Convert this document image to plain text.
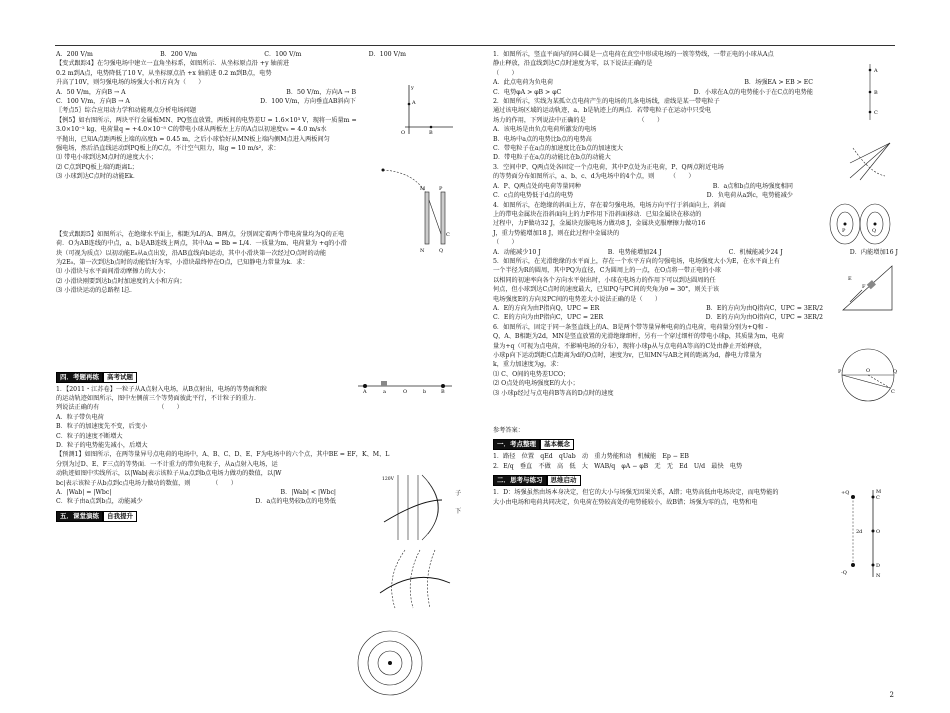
A．200 V/m	B．200 V/m	C．100 V/m	D．100 V/m

【变式跟踪4】在匀强电场中建立一直角坐标系，如图所示．从坐标原点沿 +y 轴前进

0.2 m到A点，电势降低了10 V，从坐标原点沿 +x 轴前进 0.2 m到B点，电势

升高了10V，则匀强电场的场强大小和方向为（　　）

A．50 V/m，方向B → A	B．50 V/m，方向A → B
C．100 V/m，方向B → A	D．100 V/m，方向垂直AB斜向下

〖考点5〗综合应用动力学和动能观点分析电场问题

【例5】如右图所示，两块平行金属板MN、PQ竖直放置，两板间的电势差U = 1.6×10³ V，现将一质量m =

3.0×10⁻² kg、电荷量q = +4.0×10⁻⁵ C的带电小球从两板左上方的A点以初速度v₀ = 4.0 m/s水

平抛出，已知A点距两板上端的高度h = 0.45 m，之后小球恰好从MN板上端内侧M点进入两板间匀

强电场，然后沿直线运动到PQ板上的C点，不计空气阻力，取g = 10 m/s²，求：

⑴ 带电小球到达M点时的速度大小；

⑵ C点到PQ板上端的距离L；

⑶ 小球到达C点时的动能Ek．

【变式跟踪5】如图所示，在绝缘水平面上，相距为L的A、B两点，分别固定着两个带电荷量均为Q的正电

荷．O为AB连线的中点，a、b是AB连线上两点，其中Aa = Bb = L/4．一质量为m、电荷量为 +q的小滑

块（可视为质点）以初动能E₀从a点出发，沿AB直线向b运动，其中小滑块第一次经过O点时的动能

为2E₀，第一次到达b点时的动能恰好为零，小滑块最终停在O点，已知静电力常量为k．求：

⑴ 小滑块与水平面间滑动摩擦力的大小；

⑵ 小滑块刚要到达b点时加速度的大小和方向；

⑶ 小滑块运动的总路程 l总．

四．考题再练 高考试题

1．【2011・江苏卷】一粒子从A点射入电场，从B点射出，电场的等势面和粒

的运动轨迹如图所示，图中左侧前三个等势面彼此平行，不计粒子的重力．

列说法正确的有　　　　　　　　　　（　　）

A．粒子带负电荷

B．粒子的加速度先不变，后变小

C．粒子的速度不断增大

D．粒子的电势能先减小，后增大

【预测1】如图所示，在两等量异号点电荷的电场中，A、B、C、D、E、F为电场中的六个点，其中BE = EF，K、M、L

分别为过D、E、F三点的等势面．一不计重力的带负电粒子，从a点射入电场，运

动轨迹如图中实线所示，以|Wab|表示该粒子从a点到b点电场力做功的数值，以|W

bc|表示该粒子从b点到c点电场力做功的数值，则　　　　（　　）

A．|Wab| = |Wbc|	B．|Wab| < |Wbc|
C．粒子由a点到b点，动能减少	D．a点的电势较b点的电势低
五．课堂演练 自我提升
子
下
A
B
O
y
M	P
N	Q
C
A	a	O	b	B
120V

1．如图所示，竖直平面内的同心圆是一点电荷在真空中形成电场的一簇等势线，一带正电的小球从A点

静止释放，沿直线到达C点时速度为零，以下说法正确的是

（　　）

A．此点电荷为负电荷	B．场强EA > EB > EC
C．电势φA > φB > φC	D．小球在A点的电势能小于在C点的电势能

2．如图所示，实线为某孤立点电荷产生的电场的几条电场线，虚线是某一带电粒子

通过该电场区域的运动轨迹，a、b是轨迹上的两点．若带电粒子在运动中只受电

场力的作用，下列说法中正确的是　　　　　　　　　（　　）

A．该电场是由负点电荷所激发的电场

B．电场中a点的电势比b点的电势高

C．带电粒子在a点的加速度比在b点的加速度大

D．带电粒子在a点的动能比在b点的动能大

3．空间中P、Q两点处各固定一个点电荷，其中P点处为正电荷，P、Q两点附近电场

的等势面分布如图所示，a、b、c、d为电场中的4个点，则　　　（　　）

A．P、Q两点处的电荷等量同种	B．a点和b点的电场强度相同
C．c点的电势低于d点的电势	D．负电荷从a到c，电势能减少

4．如图所示，在绝缘的斜面上方，存在着匀强电场，电场方向平行于斜面向上，斜面

上的带电金属块在沿斜面向上的力F作用下沿斜面移动．已知金属块在移动的

过程中，力F做功32 J，金属块克服电场力做功8 J，金属块克服摩擦力做功16

J，重力势能增加18 J，则在此过程中金属块的

（　　）

A．动能减少10 J	B．电势能增加24 J	C．机械能减少24 J	D．内能增加16 J

5．如图所示，在光滑绝缘的水平面上，存在一个水平方向的匀强电场，电场强度大小为E，在水平面上有

一个半径为R的圆周，其中PQ为直径，C为圆周上的一点，在O点将一带正电的小球

以相同的初速率向各个方向水平射出时，小球在电场力的作用下可以到达圆周的任

何点，但小球到达C点时的速度最大，已知PQ与PC间的夹角为θ = 30°，则关于该

电场强度E的方向及PC间的电势差大小说法正确的是（　　）

A．E的方向为由P指向Q，UPC = ER	B．E的方向为由Q指向C，UPC = 3ER/2
C．E的方向为由P指向C，UPC = 2ER	D．E的方向为由O指向C，UPC = 3ER/2

6．如图所示，固定于同一条竖直线上的A、B是两个带等量异种电荷的点电荷，电荷量分别为+Q和 -

Q，A、B相距为2d，MN是竖直放置的光滑绝缘细杆，另有一个穿过细杆的带电小球p，其质量为m，电荷

量为+q（可视为点电荷，不影响电场的分布），现将小球p从与点电荷A等高的C处由静止开始释放，

小球p向下运动到距C点距离为d的O点时，速度为v，已知MN与AB之间的距离为d，静电力常量为

k，重力加速度为g，求：

⑴ C、O间的电势差UCO；

⑵ O点处的电场强度E的大小；

⑶ 小球p经过与点电荷B等高的D点时的速度

参考答案：

一．考点整理 基本概念

1．路径　位置　qEd　qUab　动　重力势能和动　机械能　Ep − EB

2．E/q　垂直　不做　高　低　大　WAB/q　φA − φB　无　无　Ed　U/d　最快　电势

二．思考与练习 思维启动

1．D：场强虽然由场本身决定，但它的大小与场强无因果关系，A错；电势高低由电场决定，而电势能的

大小由电场和电荷共同决定，负电荷在势较高处的电势能较小，故B错；场强为零的点，电势和电

A
B
C
P	Q
F
E
P	Q
C
O
+Q
-Q
M
C
O
D
N
2d
2
